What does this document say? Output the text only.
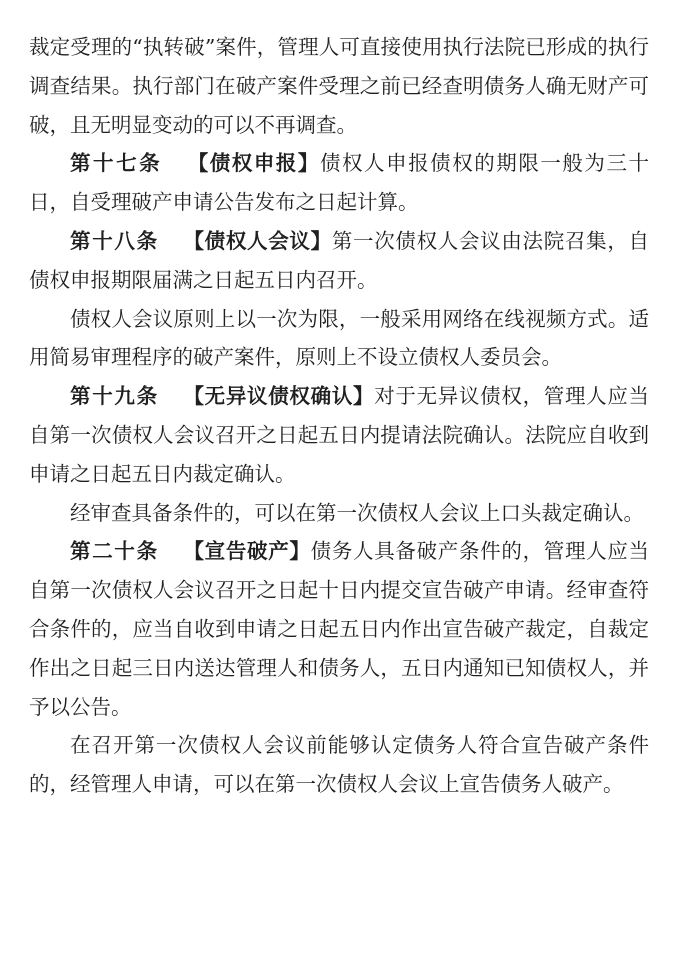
裁定受理的“执转破”案件，管理人可直接使用执行法院已形成的执行调查结果。执行部门在破产案件受理之前已经查明债务人确无财产可破，且无明显变动的可以不再调查。

第十七条 【债权申报】债权人申报债权的期限一般为三十日，自受理破产申请公告发布之日起计算。

第十八条 【债权人会议】第一次债权人会议由法院召集，自债权申报期限届满之日起五日内召开。

债权人会议原则上以一次为限，一般采用网络在线视频方式。适用简易审理程序的破产案件，原则上不设立债权人委员会。

第十九条 【无异议债权确认】对于无异议债权，管理人应当自第一次债权人会议召开之日起五日内提请法院确认。法院应自收到申请之日起五日内裁定确认。

经审查具备条件的，可以在第一次债权人会议上口头裁定确认。

第二十条 【宣告破产】债务人具备破产条件的，管理人应当自第一次债权人会议召开之日起十日内提交宣告破产申请。经审查符合条件的，应当自收到申请之日起五日内作出宣告破产裁定，自裁定作出之日起三日内送达管理人和债务人，五日内通知已知债权人，并予以公告。

在召开第一次债权人会议前能够认定债务人符合宣告破产条件的，经管理人申请，可以在第一次债权人会议上宣告债务人破产。
